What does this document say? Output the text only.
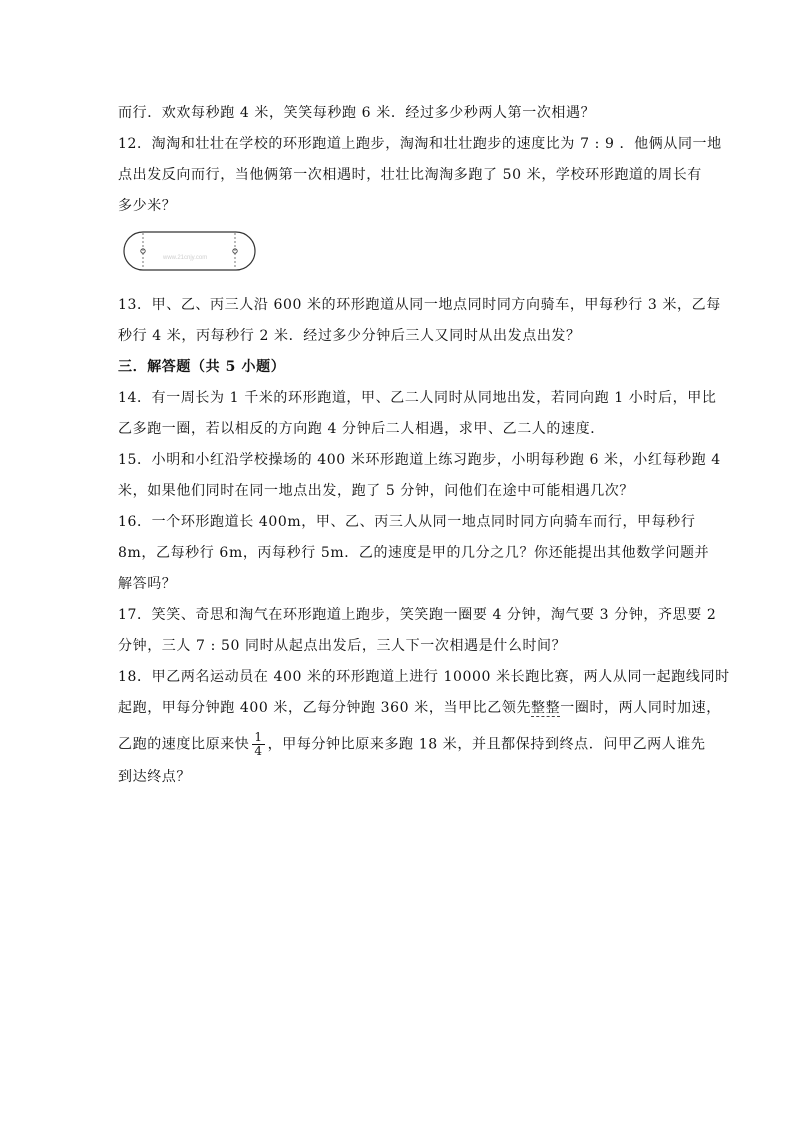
而行．欢欢每秒跑 4 米，笑笑每秒跑 6 米．经过多少秒两人第一次相遇？
12．淘淘和壮壮在学校的环形跑道上跑步，淘淘和壮壮跑步的速度比为 7 : 9 ．他俩从同一地
点出发反向而行，当他俩第一次相遇时，壮壮比淘淘多跑了 50 米，学校环形跑道的周长有
多少米？
www.21cnjy.com
13．甲、乙、丙三人沿 600 米的环形跑道从同一地点同时同方向骑车，甲每秒行 3 米，乙每
秒行 4 米，丙每秒行 2 米．经过多少分钟后三人又同时从出发点出发？
三．解答题（共 5 小题）
14．有一周长为 1 千米的环形跑道，甲、乙二人同时从同地出发，若同向跑 1 小时后，甲比
乙多跑一圈，若以相反的方向跑 4 分钟后二人相遇，求甲、乙二人的速度．
15．小明和小红沿学校操场的 400 米环形跑道上练习跑步，小明每秒跑 6 米，小红每秒跑 4
米，如果他们同时在同一地点出发，跑了 5 分钟，问他们在途中可能相遇几次？
16．一个环形跑道长 400m，甲、乙、丙三人从同一地点同时同方向骑车而行，甲每秒行
8m，乙每秒行 6m，丙每秒行 5m．乙的速度是甲的几分之几？你还能提出其他数学问题并
解答吗？
17．笑笑、奇思和淘气在环形跑道上跑步，笑笑跑一圈要 4 分钟，淘气要 3 分钟，齐思要 2
分钟，三人 7 : 50 同时从起点出发后，三人下一次相遇是什么时间？
18．甲乙两名运动员在 400 米的环形跑道上进行 10000 米长跑比赛，两人从同一起跑线同时
起跑，甲每分钟跑 400 米，乙每分钟跑 360 米，当甲比乙领先整整一圈时，两人同时加速，
乙跑的速度比原来快 $\frac{1}{4}$ ，甲每分钟比原来多跑 18 米，并且都保持到终点．问甲乙两人谁先
到达终点？
